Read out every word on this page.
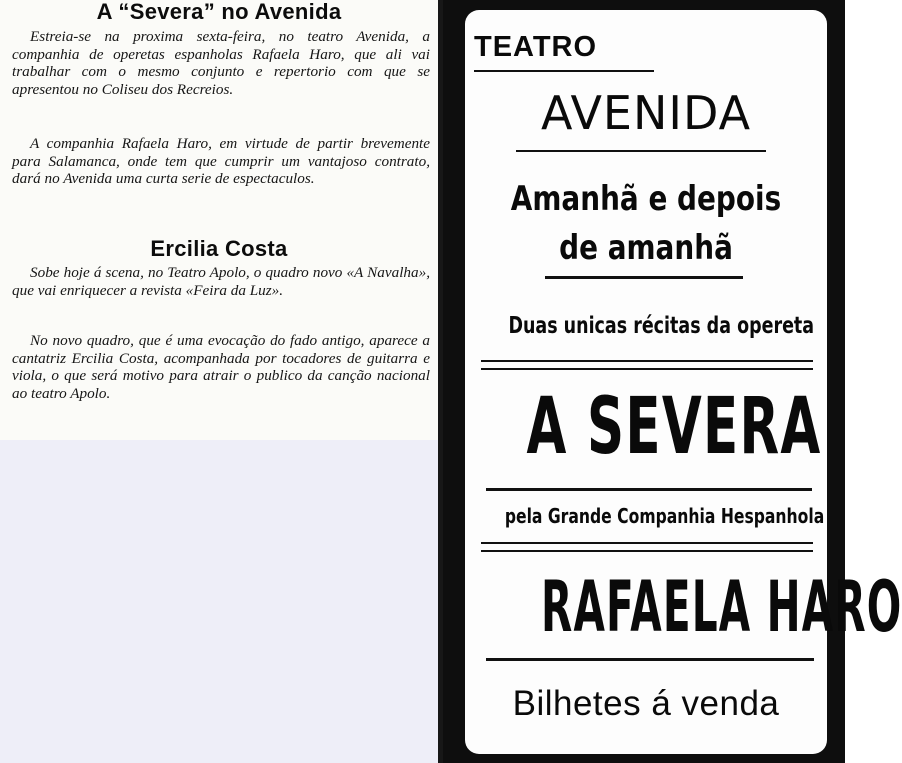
A “Severa” no Avenida

Estreia-se na proxima sexta-feira, no teatro Avenida, a companhia de operetas espanholas Rafaela Haro, que ali vai trabalhar com o mesmo conjunto e repertorio com que se apresentou no Coliseu dos Recreios.

A companhia Rafaela Haro, em virtude de partir brevemente para Salamanca, onde tem que cumprir um vantajoso contrato, dará no Avenida uma curta serie de espectaculos.

Ercilia Costa

Sobe hoje á scena, no Teatro Apolo, o quadro novo «A Navalha», que vai enriquecer a revista «Feira da Luz».

No novo quadro, que é uma evocação do fado antigo, aparece a cantatriz Ercilia Costa, acompanhada por tocadores de guitarra e viola, o que será motivo para atrair o publico da canção nacional ao teatro Apolo.

TEATRO
AVENIDA
Amanhã e depois
de amanhã
Duas unicas récitas da opereta
A SEVERA
pela Grande Companhia Hespanhola
RAFAELA HARO
Bilhetes á venda
